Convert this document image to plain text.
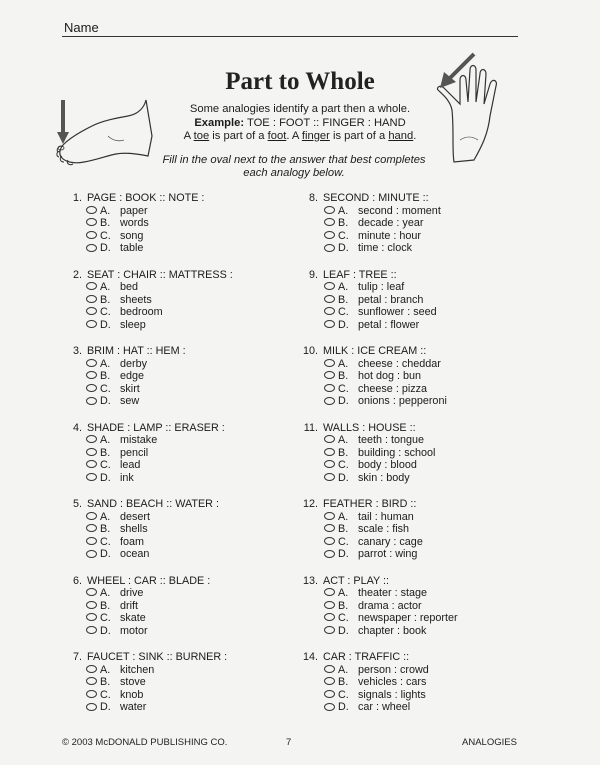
Name
Part to Whole
Some analogies identify a part then a whole.
Example: TOE : FOOT :: FINGER : HAND
A toe is part of a foot. A finger is part of a hand.
Fill in the oval next to the answer that best completes
each analogy below.
1. PAGE : BOOK :: NOTE :
A. paper
B. words
C. song
D. table
2. SEAT : CHAIR :: MATTRESS :
A. bed
B. sheets
C. bedroom
D. sleep
3. BRIM : HAT :: HEM :
A. derby
B. edge
C. skirt
D. sew
4. SHADE : LAMP :: ERASER :
A. mistake
B. pencil
C. lead
D. ink
5. SAND : BEACH :: WATER :
A. desert
B. shells
C. foam
D. ocean
6. WHEEL : CAR :: BLADE :
A. drive
B. drift
C. skate
D. motor
7. FAUCET : SINK :: BURNER :
A. kitchen
B. stove
C. knob
D. water
8. SECOND : MINUTE ::
A. second : moment
B. decade : year
C. minute : hour
D. time : clock
9. LEAF : TREE ::
A. tulip : leaf
B. petal : branch
C. sunflower : seed
D. petal : flower
10. MILK : ICE CREAM ::
A. cheese : cheddar
B. hot dog : bun
C. cheese : pizza
D. onions : pepperoni
11. WALLS : HOUSE ::
A. teeth : tongue
B. building : school
C. body : blood
D. skin : body
12. FEATHER : BIRD ::
A. tail : human
B. scale : fish
C. canary : cage
D. parrot : wing
13. ACT : PLAY ::
A. theater : stage
B. drama : actor
C. newspaper : reporter
D. chapter : book
14. CAR : TRAFFIC ::
A. person : crowd
B. vehicles : cars
C. signals : lights
D. car : wheel
© 2003 McDONALD PUBLISHING CO.	7	ANALOGIES
